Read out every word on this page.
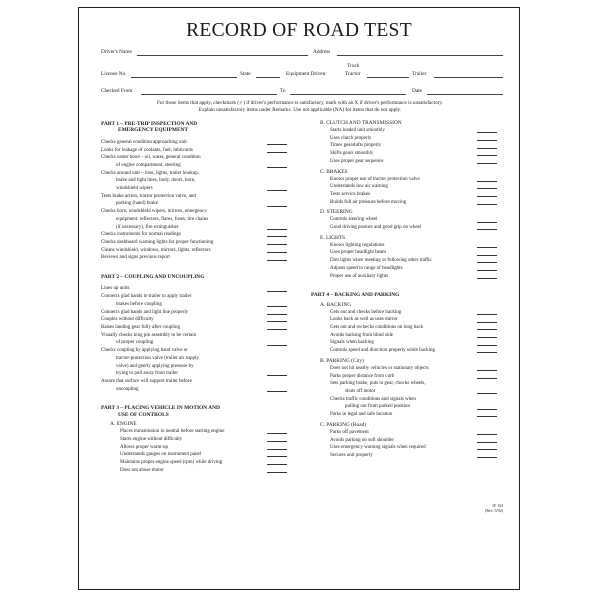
RECORD OF ROAD TEST
Driver's Name	Address
Truck
License No.	State	Equipment Driven:	Tractor	Trailer
Checked From	To	Date
For those items that apply, checkmark (✓) if driver's performance is satisfactory, mark with an X if driver's performance is unsatisfactory.
Explain unsatisfactory items under Remarks. Use not applicable (NA) for items that do not apply.
PART 1 – PRE-TRIP INSPECTION AND
EMERGENCY EQUIPMENT
Checks general condition approaching unit
Looks for leakage of coolants, fuel, lubricants
Checks under hood – oil, water, general condition
of engine compartment, steering
Checks around unit – tires, lights, trailer hookup,
brake and light lines, body, doors, horn,
windshield wipers
Tests brake action, tractor protection valve, and
parking (hand) brake
Checks horn, windshield wipers, mirrors, emergency
equipment: reflectors, flares, fuses, tire chains
(if necessary), fire extinguisher
Checks instruments for normal readings
Checks dashboard warning lights for proper functioning
Cleans windshield, windows, mirrors, lights, reflectors
Reviews and signs previous report
PART 2 – COUPLING AND UNCOUPLING
Lines up units
Connects glad hands to trailer to apply trailer
brakes before coupling
Connects glad hands and light line properly
Couples without difficulty
Raises landing gear fully after coupling
Visually checks king pin assembly to be certain
of proper coupling
Checks coupling by applying hand valve or
tractor-protection valve (trailer air supply
valve) and gently applying pressure by
trying to pull away from trailer
Assure that surface will support trailer before
uncoupling
PART 3 – PLACING VEHICLE IN MOTION AND
USE OF CONTROLS
A. ENGINE
Places transmission in neutral before starting engine
Starts engine without difficulty
Allows proper warm-up
Understands gauges on instrument panel
Maintains proper engine speed (rpm) while driving
Does not abuse motor
B. CLUTCH AND TRANSMISSION
Starts loaded unit smoothly
Uses clutch properly
Times gearshifts properly
Shifts gears smoothly
Uses proper gear sequence
C. BRAKES
Knows proper use of tractor protection valve
Understands low air warning
Tests service brakes
Builds full air pressure before moving
D. STEERING
Controls steering wheel
Good driving posture and good grip on wheel
E. LIGHTS
Knows lighting regulations
Uses proper headlight beam
Dim lights when meeting or following other traffic
Adjusts speed to range of headlights
Proper use of auxiliary lights
PART 4 – BACKING AND PARKING
A. BACKING
Gets out and checks before backing
Looks back as well as uses mirror
Gets out and rechecks conditions on long back
Avoids backing from blind side
Signals when backing
Controls speed and direction properly while backing
B. PARKING (City)
Does not hit nearby vehicles or stationary objects
Parks proper distance from curb
Sets parking brake, puts in gear, chocks wheels,
shuts off motor
Checks traffic conditions and signals when
pulling out from parked position
Parks in legal and safe location
C. PARKING (Road)
Parks off pavement
Avoids parking on soft shoulder
Uses emergency warning signals when required
Secures unit properly
1F 1SJ
(Rev. 5/92)
